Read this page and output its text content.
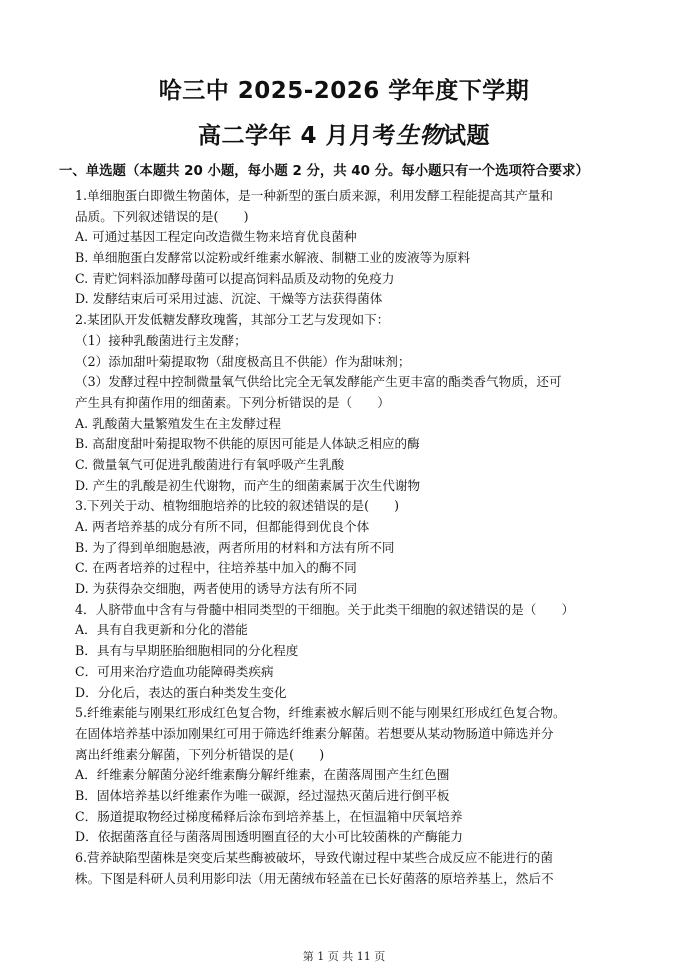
哈三中 2025-2026 学年度下学期
高二学年 4 月月考生物试题
一、单选题（本题共 20 小题，每小题 2 分，共 40 分。每小题只有一个选项符合要求）
1.单细胞蛋白即微生物菌体，是一种新型的蛋白质来源，利用发酵工程能提高其产量和
品质。下列叙述错误的是(　　)
A. 可通过基因工程定向改造微生物来培育优良菌种
B. 单细胞蛋白发酵常以淀粉或纤维素水解液、制糖工业的废液等为原料
C. 青贮饲料添加酵母菌可以提高饲料品质及动物的免疫力
D. 发酵结束后可采用过滤、沉淀、干燥等方法获得菌体
2.某团队开发低糖发酵玫瑰酱，其部分工艺与发现如下：
（1）接种乳酸菌进行主发酵；
（2）添加甜叶菊提取物（甜度极高且不供能）作为甜味剂；
（3）发酵过程中控制微量氧气供给比完全无氧发酵能产生更丰富的酯类香气物质，还可
产生具有抑菌作用的细菌素。下列分析错误的是（　　）
A. 乳酸菌大量繁殖发生在主发酵过程
B. 高甜度甜叶菊提取物不供能的原因可能是人体缺乏相应的酶
C. 微量氧气可促进乳酸菌进行有氧呼吸产生乳酸
D. 产生的乳酸是初生代谢物，而产生的细菌素属于次生代谢物
3.下列关于动、植物细胞培养的比较的叙述错误的是(　　)
A. 两者培养基的成分有所不同，但都能得到优良个体
B. 为了得到单细胞悬液，两者所用的材料和方法有所不同
C. 在两者培养的过程中，往培养基中加入的酶不同
D. 为获得杂交细胞，两者使用的诱导方法有所不同
4．人脐带血中含有与骨髓中相同类型的干细胞。关于此类干细胞的叙述错误的是（　　）
A．具有自我更新和分化的潜能
B．具有与早期胚胎细胞相同的分化程度
C．可用来治疗造血功能障碍类疾病
D．分化后，表达的蛋白种类发生变化
5.纤维素能与刚果红形成红色复合物，纤维素被水解后则不能与刚果红形成红色复合物。
在固体培养基中添加刚果红可用于筛选纤维素分解菌。若想要从某动物肠道中筛选并分
离出纤维素分解菌，下列分析错误的是(　　)
A．纤维素分解菌分泌纤维素酶分解纤维素，在菌落周围产生红色圈
B．固体培养基以纤维素作为唯一碳源，经过湿热灭菌后进行倒平板
C．肠道提取物经过梯度稀释后涂布到培养基上，在恒温箱中厌氧培养
D．依据菌落直径与菌落周围透明圈直径的大小可比较菌株的产酶能力
6.营养缺陷型菌株是突变后某些酶被破坏，导致代谢过程中某些合成反应不能进行的菌
株。下图是科研人员利用影印法（用无菌绒布轻盖在已长好菌落的原培养基上，然后不
第 1 页 共 11 页
